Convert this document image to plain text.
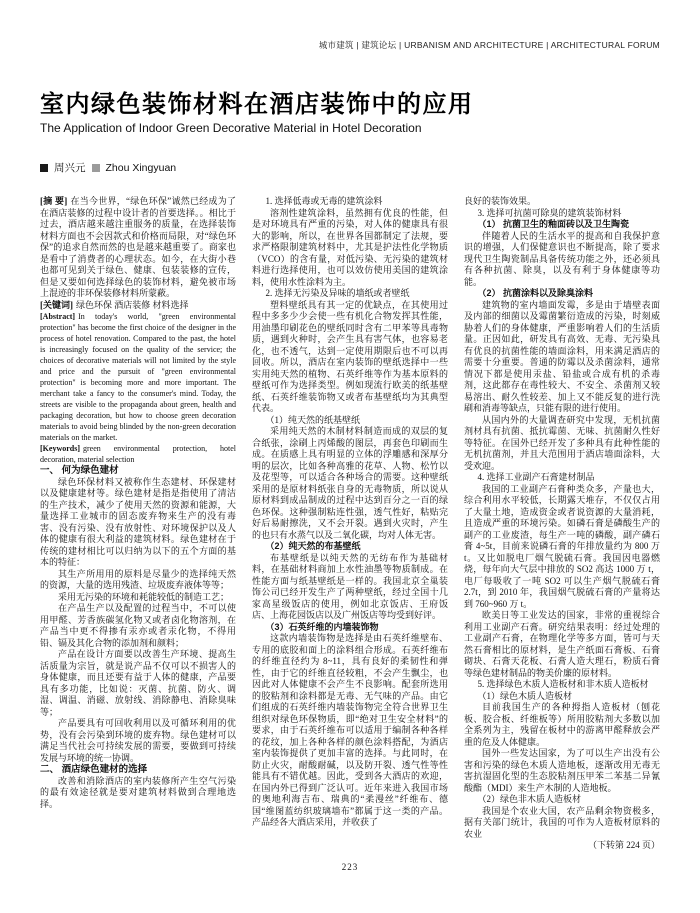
城市建筑 | 建筑论坛 | URBANISM AND ARCHITECTURE | ARCHITECTURAL FORUM
室内绿色装饰材料在酒店装饰中的应用
The Application of Indoor Green Decorative Material in Hotel Decoration
周兴元 Zhou Xingyuan

[摘 要] 在当今世界，“绿色环保”诚然已经成为了在酒店装修的过程中设计者的首要选择。。相比于过去，酒店越来越注重服务的质量，在选择装饰材料方面也不会因款式和价格而局限，对“绿色环保”的追求自然而然的也是越来越重要了。商家也是看中了消费者的心理状态。如今，在大街小巷也都可见到关于绿色、健康、包装装修的宣传，但是又要如何选择绿色的装饰材料，避免被市场上混迹的非环保装修材料所蒙蔽。

[关键词] 绿色环保 酒店装修 材料选择

[Abstract] In today's world, "green environmental protection" has become the first choice of the designer in the process of hotel renovation. Compared to the past, the hotel is increasingly focused on the quality of the service; the choices of decorative materials will not limited by the style and price and the pursuit of "green environmental protection" is becoming more and more important. The merchant take a fancy to the consumer's mind. Today, the streets are visible to the propaganda about green, health and packaging decoration, but how to choose green decoration materials to avoid being blinded by the non-green decoration materials on the market.

[Keywords] green environmental protection, hotel decoration, material selection

一、 何为绿色建材

绿色环保材料又被称作生态建材、环保建材以及健康建材等。绿色建材是指是指使用了清洁的生产技术，减少了使用天然的资源和能源，大量选择工业城市的固态废弃物来生产的没有毒害、没有污染、没有放射性、对环境保护以及人体的健康有很大利益的建筑材料。绿色建材在于传统的建材相比可以归纳为以下的五个方面的基本的特征：

其生产所用用的原料是尽量少的选择纯天然的资源，大量的选用残渣、垃圾废弃液体等等；

采用无污染的环境和耗能较低的制造工艺；

在产品生产以及配置的过程当中，不可以使用甲醛、芳香族碳氢化物又或者卤化物溶剂，在产品当中更不得掺有汞亦或者汞化物，不得用铅、镉及其化合物的添加剂和颜料；

产品在设计方面要以改善生产环境、提高生活质量为宗旨，就是说产品不仅可以不损害人的身体健康，而且还要有益于人体的健康，产品要具有多功能，比如说：灭菌、抗菌、防火、调湿、调温、消磁、放射线、消除静电、消除臭味等；

产品要具有可回收利用以及可循环利用的优势，没有会污染到环境的废弃物。绿色建材可以满足当代社会可持续发展的需要，要做到可持续发展与环境的统一协调。

二、 酒店绿色建材的选择

改善和消除酒店的室内装修所产生空气污染的最有效途径就是要对建筑材料做到合理地选择。

1. 选择低毒或无毒的建筑涂料

溶剂性建筑涂料，虽然拥有优良的性能，但是对环境具有严重的污染，对人体的健康具有很大的影响，所以，在世界各国都制定了法规，要求严格限制建筑材料中，尤其是护法性化学物质（VCO）的含有量，对低污染、无污染的建筑材料进行选择使用，也可以效仿使用美国的建筑涂料，使用水性涂料为主。

2. 选择无污染及异味的墙纸或者壁纸

塑料壁纸具有其一定的优缺点，在其使用过程中多多少少会使一些有机化合物发挥其性能，用油墨印刷花色的壁纸同时含有二甲苯等具毒物质，遇到火种时，会产生具有害气体，也容易老化，也不透气，达到一定使用期限后也不可以再回收。所以，酒店在室内装饰的壁纸选择中一些实用纯天然的植物、石英纤维等作为基本原料的壁纸可作为选择类型。例如现流行欧美的纸基壁纸、石英纤维装饰物又或者布基壁纸均为其典型代表。

（1）纯天然的纸基壁纸

采用纯天然的木制材料制造而成的双层的复合纸张，涂刷上丙烯酸的图层，再套色印刷而生成。在质感上具有明显的立体的浮雕感和深厚分明的层次，比如各种高雅的花草、人物、松竹以及花型等，可以适合各种场合的需要。这种壁纸采用的是原材料纸张自身的无毒物质，所以说从原材料到成品制成的过程中达到百分之一百的绿色环保。这种强制粘连性强，透气性好，粘贴完好后易耐擦洗，又不会开裂。遇到火灾时，产生的也只有水蒸气以及二氧化碳，均对人体无害。

（2）纯天然的布基壁纸

布基壁纸是以纯天然的无纺布作为基础材料，在基础材料商加上水性油墨等物质制成。在性能方面与纸基壁纸是一样的。我国北京全巢装饰公司已经开发生产了两种壁纸，经过全国十几家高星级饭店的使用，例如北京饭店、王府饭店、上海花园饭店以及广州饭店等均受到好评。

（3）石英纤维的内墙装饰物

这款内墙装饰物是选择是由石英纤维壁布、专用的底胶和面上的涂料组合形成。石英纤维布的纤维直径约为 8~11，具有良好的柔韧性和弹性，由于它的纤维直径较粗，不会产生飘尘，也因此对人体健康不会产生不良影响。配套所选用的胶粘剂和涂料都是无毒、无气味的产品。由它们组成的石英纤维内墙装饰物完全符合世界卫生组织对绿色环保物质，即“绝对卫生安全材料”的要求，由于石英纤维布可以适用于编制各种各样的花纹，加上各种各样的颜色涂料搭配，为酒店室内装饰提供了更加丰富的选择。与此同时，在防止火灾，耐酸耐碱，以及防开裂、透气性等性能具有不错优越。因此，受到各大酒店的欢迎，在国内外已得到广泛认可。近年来进入我国市场的奥地利海吉布、瑞典的“柔漫丝”纤维布、德国“维图蓝纺织玻璃墙布”都属于这一类的产品。产品经各大酒店采用，并收获了

良好的装饰效果。

3. 选择可抗菌可除臭的建筑装饰材料

（1） 抗菌卫生的釉面砖以及卫生陶瓷

伴随着人民的生活水平的提高和自我保护意识的增强，人们保健意识也不断提高，除了要求现代卫生陶瓷制品具备传统功能之外，还必须具有各种抗菌、除臭，以及有利于身体健康等功能。

（2） 抗菌涂料以及除臭涂料

建筑物的室内墙面发霉，多是由于墙壁表面及内部的细菌以及霉菌繁衍造成的污染，时刻威胁着人们的身体健康，严重影响着人们的生活质量。正因如此，研发具有高效、无毒、无污染具有优良的抗菌性能的墙面涂料，用来满足酒店的需要十分重要。普通的防霉以及杀菌涂料，通常情况下都是使用汞盐、铅盐或合成有机的杀毒剂，这此都存在毒性较大、不安全、杀菌剂又较易溶出、耐久性较差、加上又不能反复的进行洗刷和消毒等缺点，只能有限的进行使用。

从国内外的大量调查研究中发现，无机抗菌剂材具有抗菌、抵抗霉菌、无味、抗菌耐久性好等特征。在国外已经开发了多种具有此种性能的无机抗菌剂，并且大范围用于酒店墙面涂料，大受欢迎。

4. 选择工业副产石膏建材制品

我国的工业副产石膏种类众多，产量也大，综合利用水平较低，长期露天堆存，不仅仅占用了大量土地，造成资金或者说资源的大量消耗，且造成严重的环境污染。如磷石膏是磷酸生产的副产的工业废渣，每生产一吨的磷酸，副产磷石膏 4~5t，目前来说磷石膏的年排放量约为 800 万 t。又比如脱电厂烟气脱硫石膏。我国因电器燃烧，每年向大气层中排放的 SO2 高达 1000 万 t，电厂每吸收了一吨 SO2 可以生产烟气脱硫石膏 2.7t，到 2010 年，我国烟气脱硫石膏的产量将达到 760~960 万 t。

欧美日等工业发达的国家，非常的重视综合利用工业副产石膏。研究结果表明：经过处理的工业副产石膏，在物理化学等多方面，皆可与天然石膏相比的原材料，是生产纸面石膏板、石膏砌块、石膏天花板、石膏人造大理石，粉质石膏等绿色建材制品的物美价廉的原材料。

5. 选择绿色木质人造板材和非木质人造板材

（1）绿色木质人造板材

目前我国生产的各种拇指人造板材（刨花板、胶合板、纤维板等）所用胶粘剂大多数以加全系列为主，残留在板材中的游离甲醛释放会严重的危及人体健康。

国外一些发达国家，为了可以生产出没有公害和污染的绿色木质人造地板，逐渐改用无毒无害抗湿固化型的生态胶粘剂压甲苯二苯基二异氰酸酯（MDI）来生产木制的人造地板。

（2）绿色非木质人造板材

我国是个农业大国，农产品剩余物资极多，据有关部门统计，我国的可作为人造板材原料的农业

（下转第 224 页）

223
